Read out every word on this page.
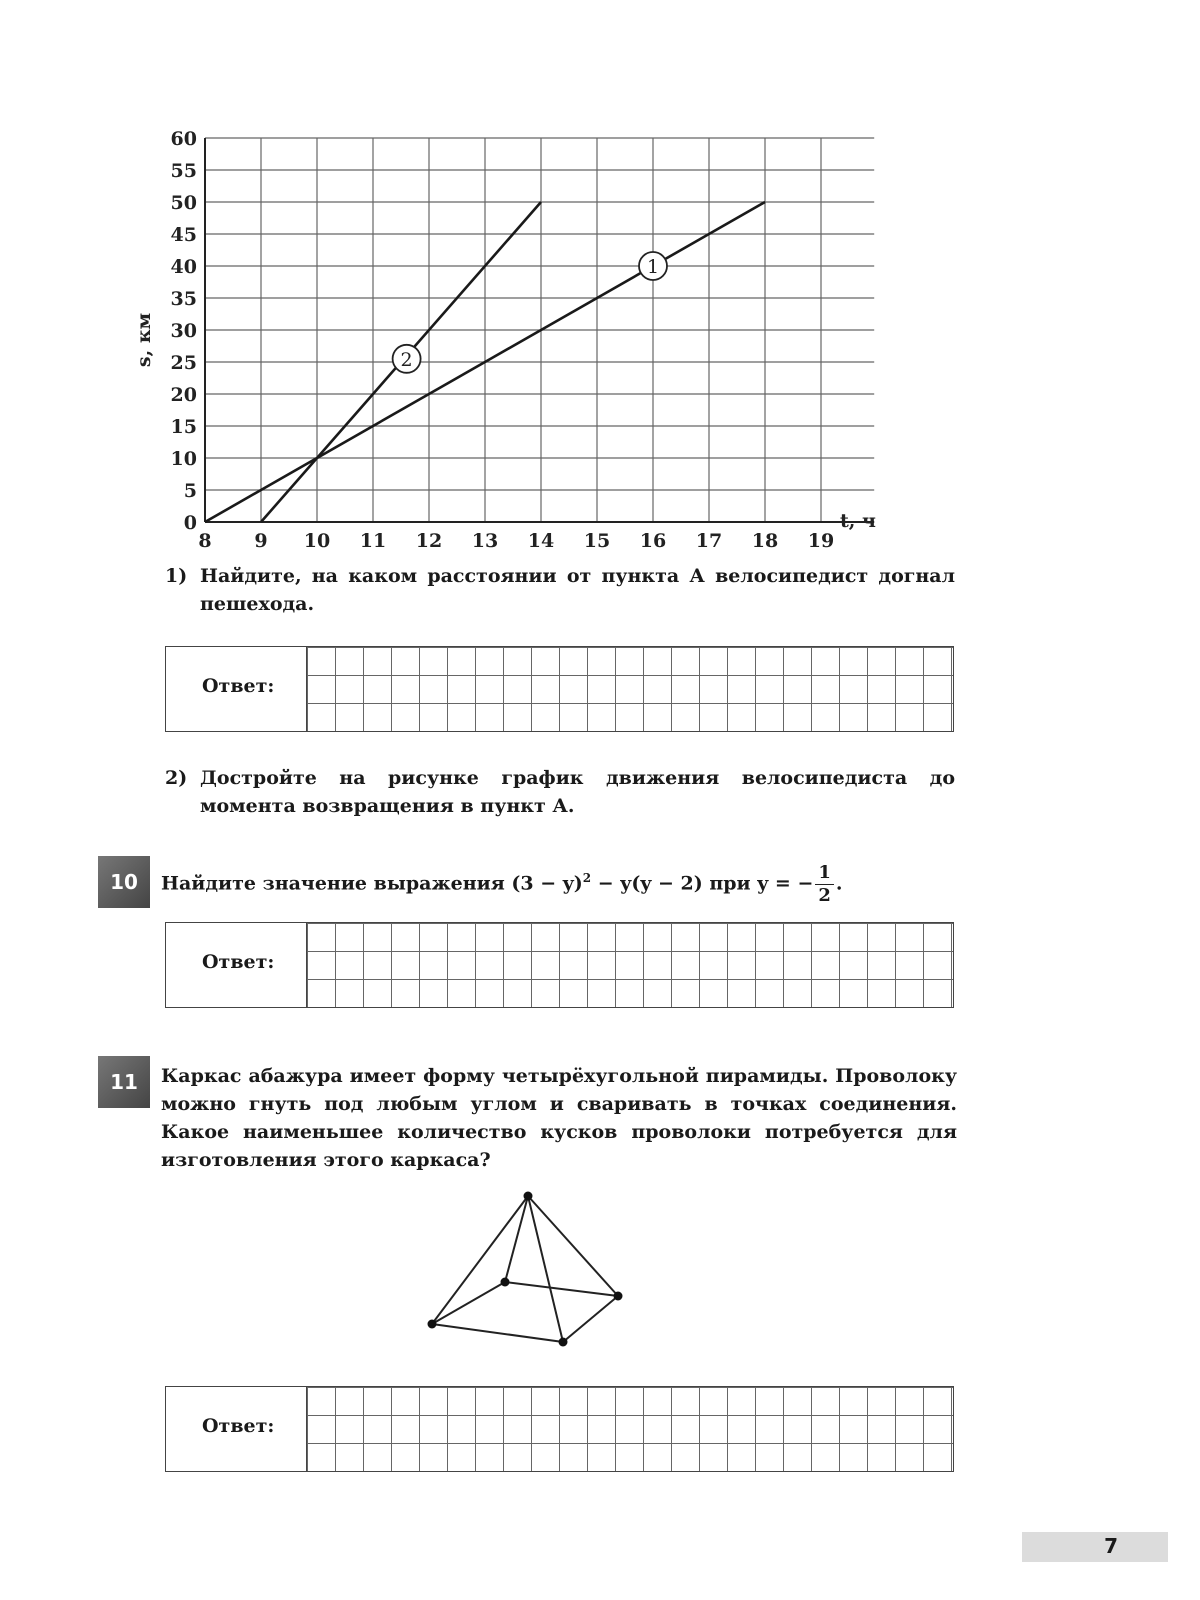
1
2
8 9 10 11 12 13 14 15 16 17 18 19
0
5
10
15
20
25
30
35
40
45
50
55
60
s, км
t, ч
1) Найдите, на каком расстоянии от пункта А велосипедист догнал пешехода.
Ответ:
2) Достройте на рисунке график движения велосипедиста до момента возвращения в пункт А.
10	Найдите значение выражения $(3 - y)^2 - y(y - 2)$ при y = − $\frac{1}{2}$ .
Ответ:
11	Каркас абажура имеет форму четырёхугольной пирамиды. Проволоку можно гнуть под любым углом и сваривать в точках соединения. Какое наименьшее количество кусков проволоки потребуется для изготовления этого каркаса?
Ответ:
7
